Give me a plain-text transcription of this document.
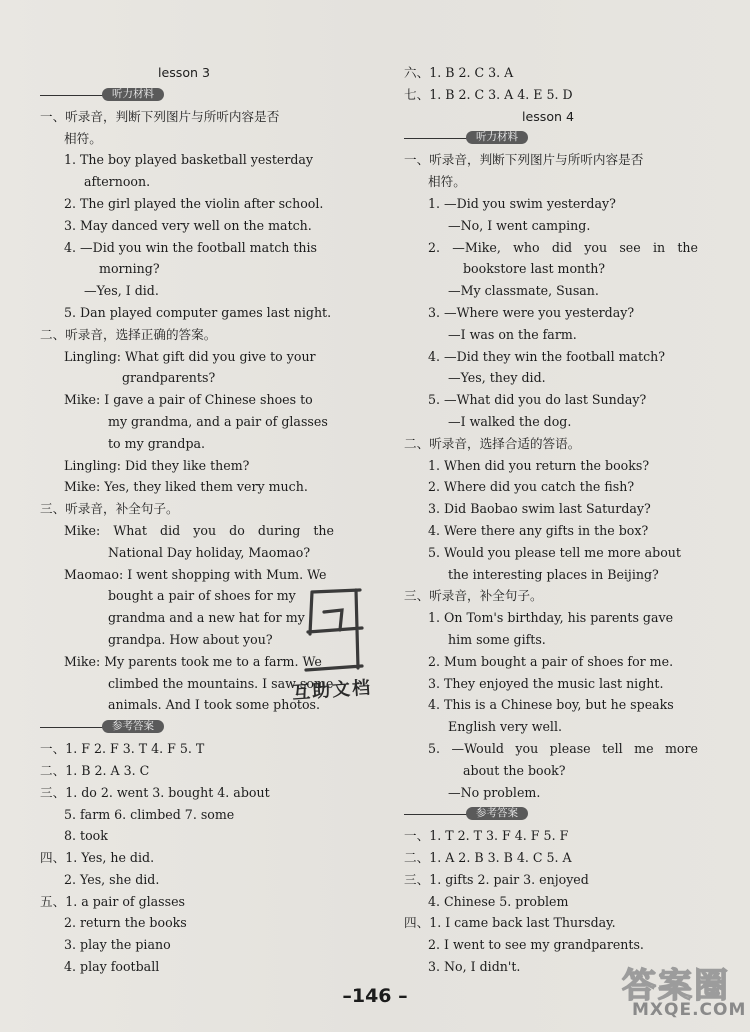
lesson 3
听力材料
一、听录音，判断下列图片与所听内容是否
相符。
1. The boy played basketball yesterday
afternoon.
2. The girl played the violin after school.
3. May danced very well on the match.
4. —Did you win the football match this
morning?
—Yes, I did.
5. Dan played computer games last night.
二、听录音，选择正确的答案。
Lingling: What gift did you give to your
grandparents?
Mike: I gave a pair of Chinese shoes to
my grandma, and a pair of glasses
to my grandpa.
Lingling: Did they like them?
Mike: Yes, they liked them very much.
三、听录音，补全句子。
Mike: What did you do during the
National Day holiday, Maomao?
Maomao: I went shopping with Mum. We
bought a pair of shoes for my
grandma and a new hat for my
grandpa. How about you?
Mike: My parents took me to a farm. We
climbed the mountains. I saw some
animals. And I took some photos.
参考答案
一、1. F 2. F 3. T 4. F 5. T
二、1. B 2. A 3. C
三、1. do 2. went 3. bought 4. about
5. farm 6. climbed 7. some
8. took
四、1. Yes, he did.
2. Yes, she did.
五、1. a pair of glasses
2. return the books
3. play the piano
4. play football
六、1. B 2. C 3. A
七、1. B 2. C 3. A 4. E 5. D
lesson 4
听力材料
一、听录音，判断下列图片与所听内容是否
相符。
1. —Did you swim yesterday?
—No, I went camping.
2. —Mike, who did you see in the
bookstore last month?
—My classmate, Susan.
3. —Where were you yesterday?
—I was on the farm.
4. —Did they win the football match?
—Yes, they did.
5. —What did you do last Sunday?
—I walked the dog.
二、听录音，选择合适的答语。
1. When did you return the books?
2. Where did you catch the fish?
3. Did Baobao swim last Saturday?
4. Were there any gifts in the box?
5. Would you please tell me more about
the interesting places in Beijing?
三、听录音，补全句子。
1. On Tom's birthday, his parents gave
him some gifts.
2. Mum bought a pair of shoes for me.
3. They enjoyed the music last night.
4. This is a Chinese boy, but he speaks
English very well.
5. —Would you please tell me more
about the book?
—No problem.
参考答案
一、1. T 2. T 3. F 4. F 5. F
二、1. A 2. B 3. B 4. C 5. A
三、1. gifts 2. pair 3. enjoyed
4. Chinese 5. problem
四、1. I came back last Thursday.
2. I went to see my grandparents.
3. No, I didn't.
互助文档
–146 –	答案圈
MXQE.COM
